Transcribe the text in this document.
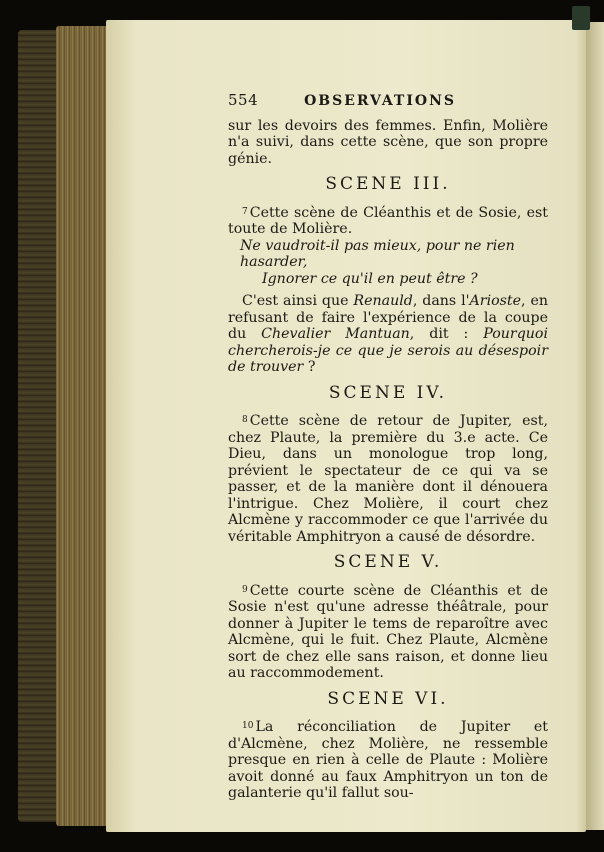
554	OBSERVATIONS

sur les devoirs des femmes. Enfin, Molière n'a suivi, dans cette scène, que son propre génie.

SCENE III.

$^7$ Cette scène de Cléanthis et de Sosie, est toute de Molière.

Ne vaudroit-il pas mieux, pour ne rien hasarder,

Ignorer ce qu'il en peut être ?

C'est ainsi que Renauld, dans l'Arioste, en refusant de faire l'expérience de la coupe du Chevalier Mantuan, dit : Pourquoi chercherois-je ce que je serois au désespoir de trouver ?

SCENE IV.

$^8$ Cette scène de retour de Jupiter, est, chez Plaute, la première du 3.e acte. Ce Dieu, dans un monologue trop long, prévient le spectateur de ce qui va se passer, et de la manière dont il dénouera l'intrigue. Chez Molière, il court chez Alcmène y raccommoder ce que l'arrivée du véritable Amphitryon a causé de désordre.

SCENE V.

$^9$ Cette courte scène de Cléanthis et de Sosie n'est qu'une adresse théâtrale, pour donner à Jupiter le tems de reparoître avec Alcmène, qui le fuit. Chez Plaute, Alcmène sort de chez elle sans raison, et donne lieu au raccommodement.

SCENE VI.

$^{10}$ La réconciliation de Jupiter et d'Alcmène, chez Molière, ne ressemble presque en rien à celle de Plaute : Molière avoit donné au faux Amphitryon un ton de galanterie qu'il fallut sou-
